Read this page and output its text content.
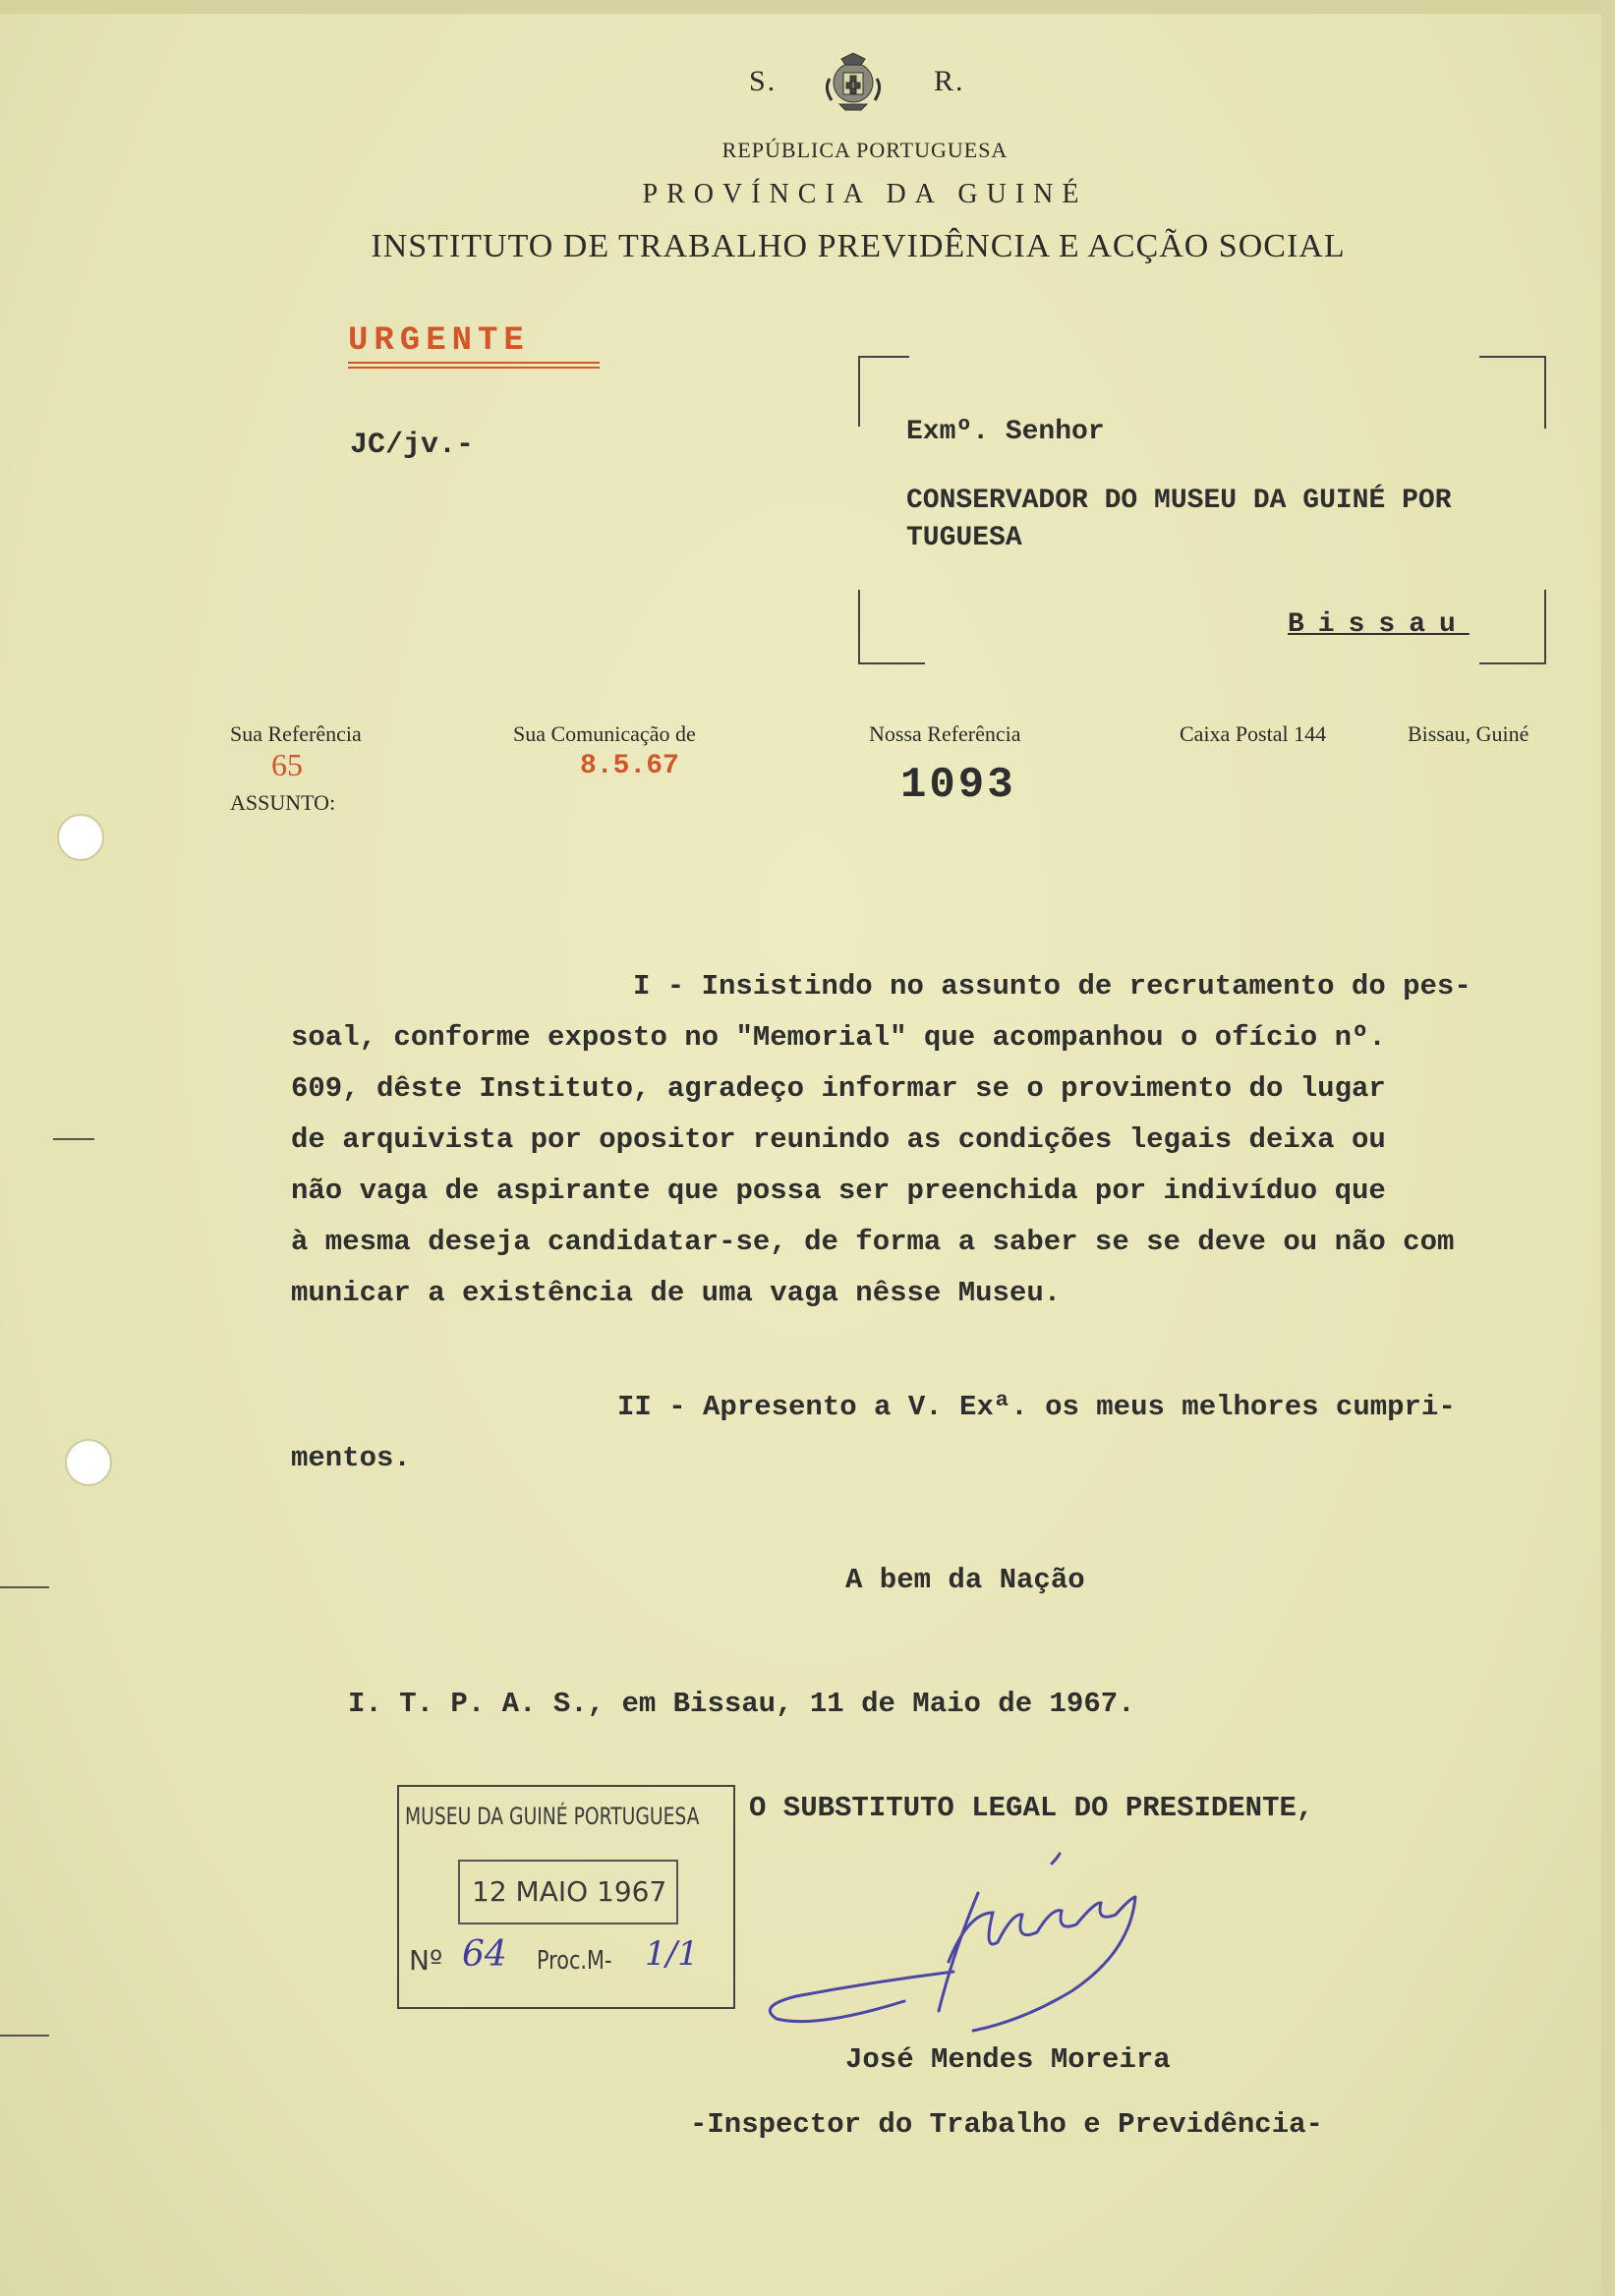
S.	R.
REPÚBLICA PORTUGUESA
PROVÍNCIA DA GUINÉ
INSTITUTO DE TRABALHO PREVIDÊNCIA E ACÇÃO SOCIAL
URGENTE
JC/jv.-	Exmº. Senhor
CONSERVADOR DO MUSEU DA GUINÉ POR
TUGUESA
Bissau
Sua Referência
65
ASSUNTO:
Sua Comunicação de
8.5.67
Nossa Referência
1093
Caixa Postal 144	Bissau, Guiné
I - Insistindo no assunto de recrutamento do pes-
soal, conforme exposto no "Memorial" que acompanhou o ofício nº.
609, dêste Instituto, agradeço informar se o provimento do lugar
de arquivista por opositor reunindo as condições legais deixa ou
não vaga de aspirante que possa ser preenchida por indivíduo que
à mesma deseja candidatar-se, de forma a saber se se deve ou não com
municar a existência de uma vaga nêsse Museu.
II - Apresento a V. Exª. os meus melhores cumpri-
mentos.
A bem da Nação
I. T. P. A. S., em Bissau, 11 de Maio de 1967.
O SUBSTITUTO LEGAL DO PRESIDENTE,
José Mendes Moreira
-Inspector do Trabalho e Previdência-
MUSEU DA GUINÉ PORTUGUESA
12 MAIO 1967
Nº 64 Proc.M- 1/1
